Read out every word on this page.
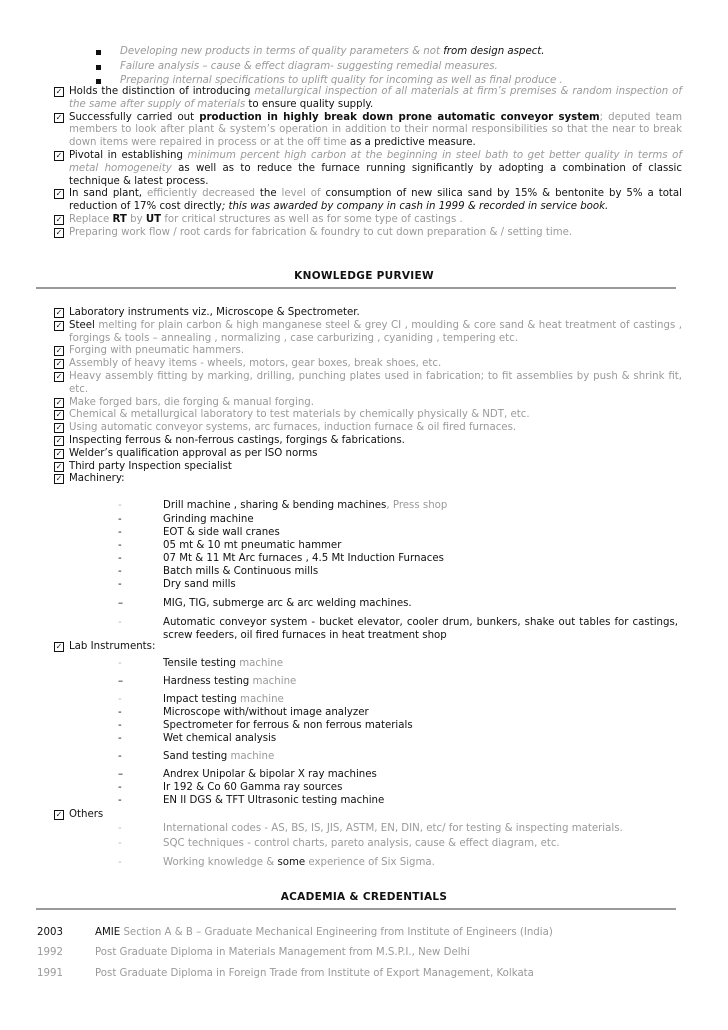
Developing new products in terms of quality parameters & not from design aspect.
Failure analysis – cause & effect diagram- suggesting remedial measures.
Preparing internal specifications to uplift quality for incoming as well as final produce .
✓ Holds the distinction of introducing metallurgical inspection of all materials at firm’s premises & random inspection of the same after supply of materials to ensure quality supply.
✓ Successfully carried out production in highly break down prone automatic conveyor system; deputed team members to look after plant & system’s operation in addition to their normal responsibilities so that the near to break down items were repaired in process or at the off time as a predictive measure.
✓ Pivotal in establishing minimum percent high carbon at the beginning in steel bath to get better quality in terms of metal homogeneity as well as to reduce the furnace running significantly by adopting a combination of classic technique & latest process.
✓ In sand plant, efficiently decreased the level of consumption of new silica sand by 15% & bentonite by 5% a total reduction of 17% cost directly; this was awarded by company in cash in 1999 & recorded in service book.
✓ Replace RT by UT for critical structures as well as for some type of castings .
✓ Preparing work flow / root cards for fabrication & foundry to cut down preparation & / setting time.
KNOWLEDGE PURVIEW
✓ Laboratory instruments viz., Microscope & Spectrometer.
✓ Steel melting for plain carbon & high manganese steel & grey CI , moulding & core sand & heat treatment of castings , forgings & tools – annealing , normalizing , case carburizing , cyaniding , tempering etc.
✓ Forging with pneumatic hammers.
✓ Assembly of heavy items - wheels, motors, gear boxes, break shoes, etc.
✓ Heavy assembly fitting by marking, drilling, punching plates used in fabrication; to fit assemblies by push & shrink fit, etc.
✓ Make forged bars, die forging & manual forging.
✓ Chemical & metallurgical laboratory to test materials by chemically physically & NDT, etc.
✓ Using automatic conveyor systems, arc furnaces, induction furnace & oil fired furnaces.
✓ Inspecting ferrous & non-ferrous castings, forgings & fabrications.
✓ Welder’s qualification approval as per ISO norms
✓ Third party Inspection specialist
✓ Machinery:
-	Drill machine , sharing & bending machines, Press shop
-	Grinding machine
-	EOT & side wall cranes
-	05 mt & 10 mt pneumatic hammer
-	07 Mt & 11 Mt Arc furnaces , 4.5 Mt Induction Furnaces
-	Batch mills & Continuous mills
-	Dry sand mills
–	MIG, TIG, submerge arc & arc welding machines.
-	Automatic conveyor system - bucket elevator, cooler drum, bunkers, shake out tables for castings, screw feeders, oil fired furnaces in heat treatment shop
✓ Lab Instruments:
-	Tensile testing machine
–	Hardness testing machine
-	Impact testing machine
-	Microscope with/without image analyzer
-	Spectrometer for ferrous & non ferrous materials
-	Wet chemical analysis
-	Sand testing machine
–	Andrex Unipolar & bipolar X ray machines
-	Ir 192 & Co 60 Gamma ray sources
-	EN II DGS & TFT Ultrasonic testing machine
✓ Others
-	International codes - AS, BS, IS, JIS, ASTM, EN, DIN, etc/ for testing & inspecting materials.
-	SQC techniques - control charts, pareto analysis, cause & effect diagram, etc.
-	Working knowledge & some experience of Six Sigma.
ACADEMIA & CREDENTIALS
2003	AMIE Section A & B – Graduate Mechanical Engineering from Institute of Engineers (India)
1992	Post Graduate Diploma in Materials Management from M.S.P.I., New Delhi
1991	Post Graduate Diploma in Foreign Trade from Institute of Export Management, Kolkata
